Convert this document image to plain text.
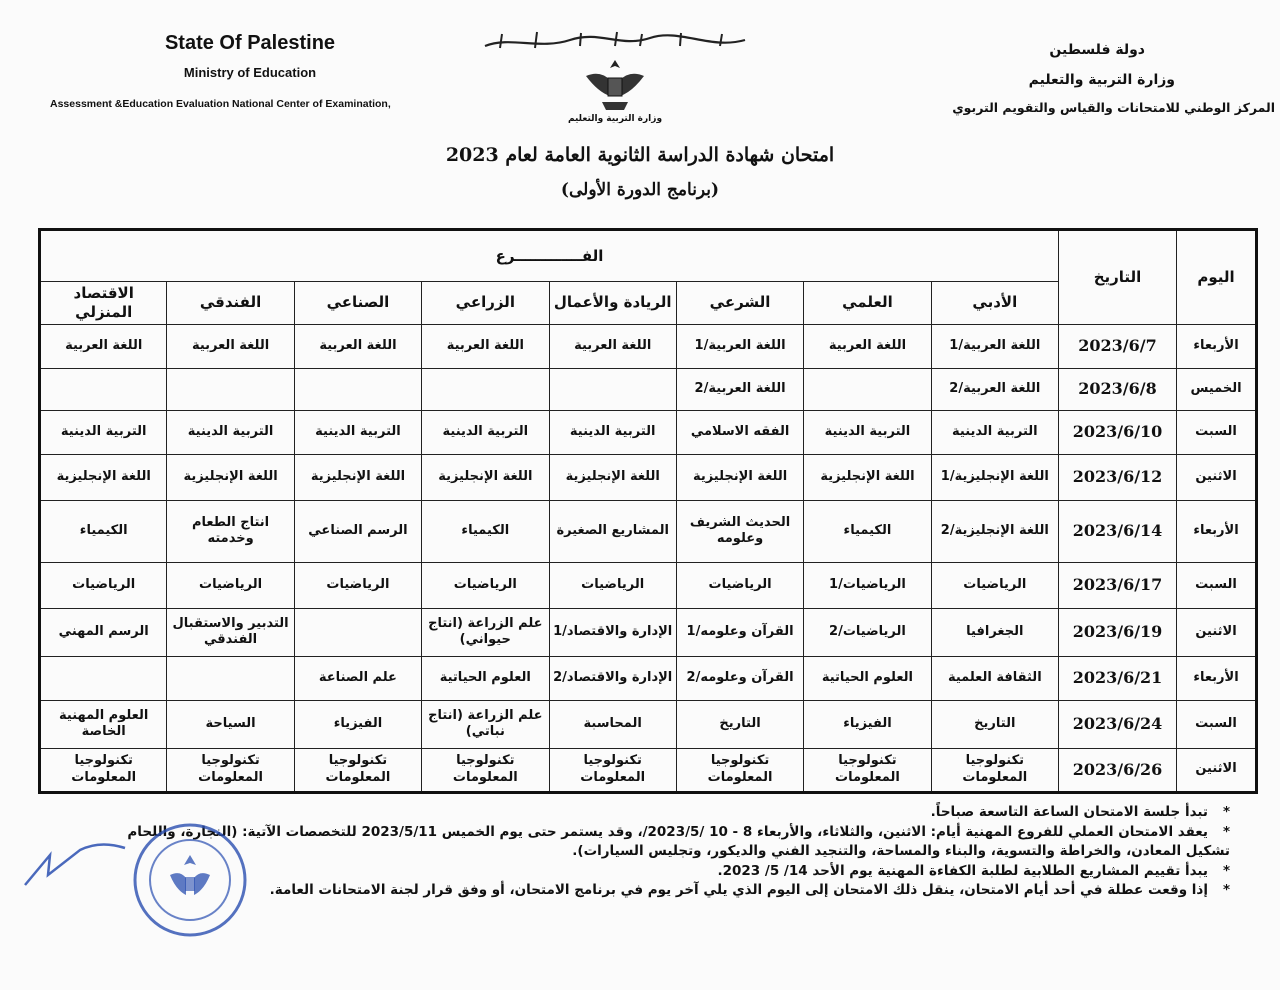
State Of Palestine
Ministry of Education
Assessment &Education Evaluation National Center of Examination,
وزارة التربية والتعليم
دولة فلسطين
وزارة التربية والتعليم
المركز الوطني للامتحانات والقياس والتقويم التربوي
امتحان شهادة الدراسة الثانوية العامة لعام 2023
(برنامج الدورة الأولى)
اليوم	التاريخ	الفـــــــــــــرع							
		الأدبي	العلمي	الشرعي	الريادة والأعمال	الزراعي	الصناعي	الفندقي	الاقتصاد المنزلي
الأربعاء	2023/6/7	اللغة العربية/1	اللغة العربية	اللغة العربية/1	اللغة العربية	اللغة العربية	اللغة العربية	اللغة العربية	اللغة العربية
الخميس	2023/6/8	اللغة العربية/2		اللغة العربية/2					
السبت	2023/6/10	التربية الدينية	التربية الدينية	الفقه الاسلامي	التربية الدينية	التربية الدينية	التربية الدينية	التربية الدينية	التربية الدينية
الاثنين	2023/6/12	اللغة الإنجليزية/1	اللغة الإنجليزية	اللغة الإنجليزية	اللغة الإنجليزية	اللغة الإنجليزية	اللغة الإنجليزية	اللغة الإنجليزية	اللغة الإنجليزية
الأربعاء	2023/6/14	اللغة الإنجليزية/2	الكيمياء	الحديث الشريف وعلومه	المشاريع الصغيرة	الكيمياء	الرسم الصناعي	انتاج الطعام وخدمته	الكيمياء
السبت	2023/6/17	الرياضيات	الرياضيات/1	الرياضيات	الرياضيات	الرياضيات	الرياضيات	الرياضيات	الرياضيات
الاثنين	2023/6/19	الجغرافيا	الرياضيات/2	القرآن وعلومه/1	الإدارة والاقتصاد/1	علم الزراعة (انتاج حيواني)		التدبير والاستقبال الفندقي	الرسم المهني
الأربعاء	2023/6/21	الثقافة العلمية	العلوم الحياتية	القرآن وعلومه/2	الإدارة والاقتصاد/2	العلوم الحياتية	علم الصناعة		
السبت	2023/6/24	التاريخ	الفيزياء	التاريخ	المحاسبة	علم الزراعة (انتاج نباتي)	الفيزياء	السياحة	العلوم المهنية الخاصة
الاثنين	2023/6/26	تكنولوجيا المعلومات	تكنولوجيا المعلومات	تكنولوجيا المعلومات	تكنولوجيا المعلومات	تكنولوجيا المعلومات	تكنولوجيا المعلومات	تكنولوجيا المعلومات	تكنولوجيا المعلومات
*تبدأ جلسة الامتحان الساعة التاسعة صباحاً.
*يعقد الامتحان العملي للفروع المهنية أيام: الاثنين، والثلاثاء، والأربعاء 8 - 10 /2023/5/، وقد يستمر حتى يوم الخميس 2023/5/11 للتخصصات الآتية: (النجارة، واللحام تشكيل المعادن، والخراطة والتسوية، والبناء والمساحة، والتنجيد الفني والديكور، وتجليس السيارات).
*يبدأ تقييم المشاريع الطلابية لطلبة الكفاءة المهنية يوم الأحد 14/ 5/ 2023.
*إذا وقعت عطلة في أحد أيام الامتحان، ينقل ذلك الامتحان إلى اليوم الذي يلي آخر يوم في برنامج الامتحان، أو وفق قرار لجنة الامتحانات العامة.
